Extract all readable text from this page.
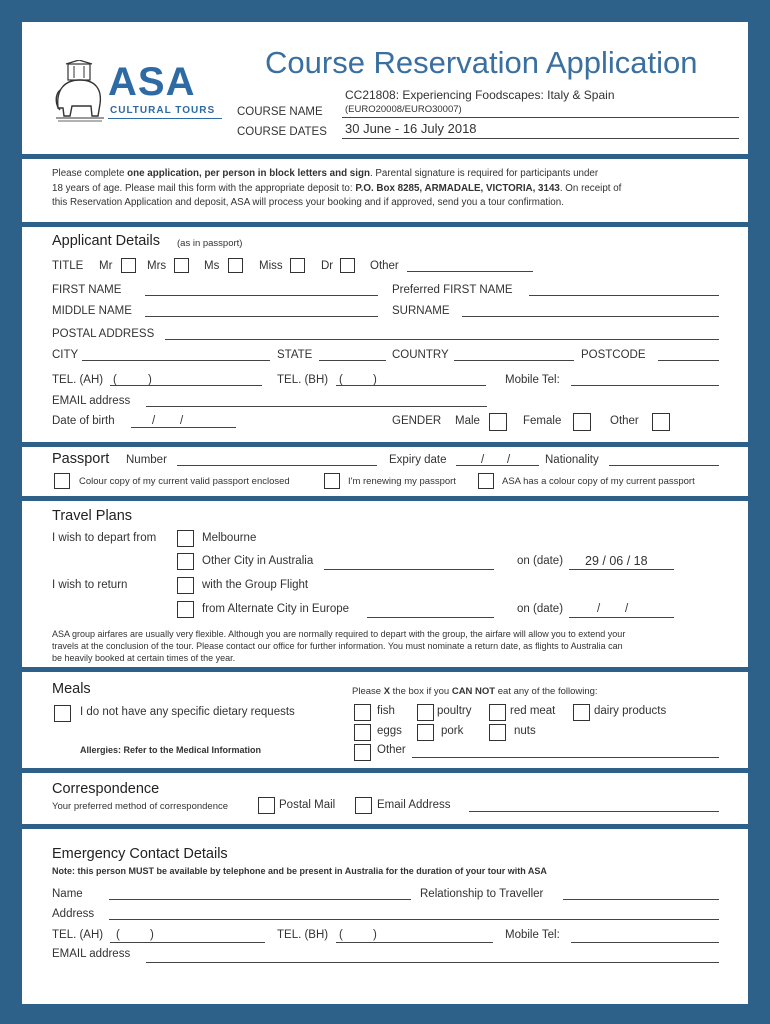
ASA
CULTURAL TOURS
Course Reservation Application
CC21808: Experiencing Foodscapes: Italy & Spain
COURSE NAME (EURO20008/EURO30007)
COURSE DATES 30 June - 16 July 2018
Please complete one application, per person in block letters and sign. Parental signature is required for participants under
18 years of age. Please mail this form with the appropriate deposit to: P.O. Box 8285, ARMADALE, VICTORIA, 3143. On receipt of
this Reservation Application and deposit, ASA will process your booking and if approved, send you a tour confirmation.
Applicant Details (as in passport)
TITLE Mr	Mrs	Ms	Miss	Dr	Other
FIRST NAME	Preferred FIRST NAME
MIDDLE NAME	SURNAME
POSTAL ADDRESS
CITY	STATE	COUNTRY	POSTCODE
TEL. (AH) (	)	TEL. (BH) (	)	Mobile Tel:
EMAIL address
Date of birth	/ /	GENDER Male	Female	Other
Passport Number	Expiry date	/ /	Nationality
Colour copy of my current valid passport enclosed	I'm renewing my passport	ASA has a colour copy of my current passport
Travel Plans
I wish to depart from	Melbourne
Other City in Australia	on (date) 29 / 06 / 18
I wish to return	with the Group Flight
from Alternate City in Europe	on (date)	/ /
ASA group airfares are usually very flexible. Although you are normally required to depart with the group, the airfare will allow you to extend your
travels at the conclusion of the tour. Please contact our office for further information. You must nominate a return date, as flights to Australia can
be heavily booked at certain times of the year.
Meals
I do not have any specific dietary requests
Allergies: Refer to the Medical Information
Please X the box if you CAN NOT eat any of the following:
fish	poultry	red meat	dairy products
eggs	pork	nuts
Other
Correspondence
Your preferred method of correspondence	Postal Mail	Email Address
Emergency Contact Details
Note: this person MUST be available by telephone and be present in Australia for the duration of your tour with ASA
Name	Relationship to Traveller
Address
TEL. (AH) (	)	TEL. (BH) (	)	Mobile Tel:
EMAIL address
